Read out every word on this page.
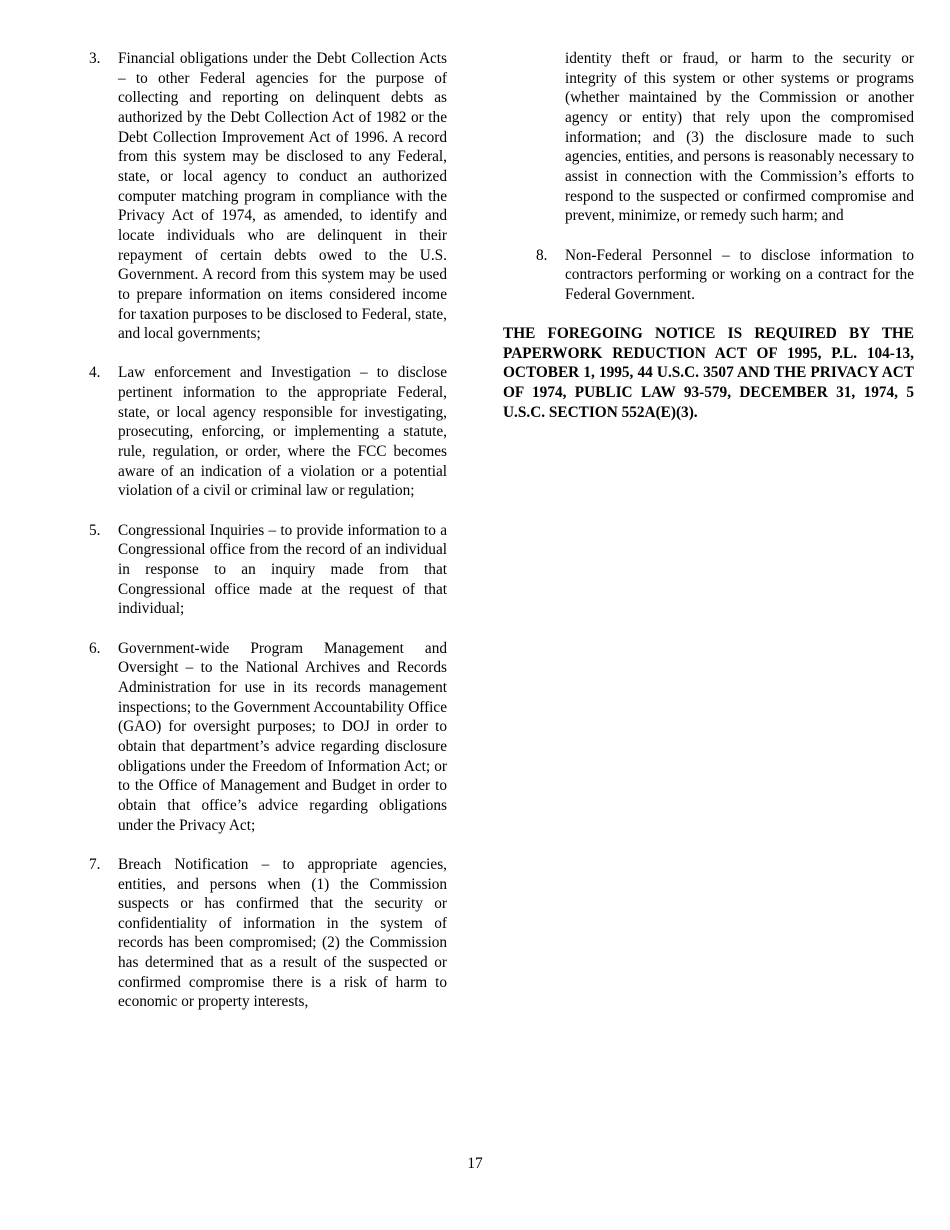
3. Financial obligations under the Debt Collection Acts – to other Federal agencies for the purpose of collecting and reporting on delinquent debts as authorized by the Debt Collection Act of 1982 or the Debt Collection Improvement Act of 1996. A record from this system may be disclosed to any Federal, state, or local agency to conduct an authorized computer matching program in compliance with the Privacy Act of 1974, as amended, to identify and locate individuals who are delinquent in their repayment of certain debts owed to the U.S. Government. A record from this system may be used to prepare information on items considered income for taxation purposes to be disclosed to Federal, state, and local governments;
4. Law enforcement and Investigation – to disclose pertinent information to the appropriate Federal, state, or local agency responsible for investigating, prosecuting, enforcing, or implementing a statute, rule, regulation, or order, where the FCC becomes aware of an indication of a violation or a potential violation of a civil or criminal law or regulation;
5. Congressional Inquiries – to provide information to a Congressional office from the record of an individual in response to an inquiry made from that Congressional office made at the request of that individual;
6. Government-wide Program Management and Oversight – to the National Archives and Records Administration for use in its records management inspections; to the Government Accountability Office (GAO) for oversight purposes; to DOJ in order to obtain that department’s advice regarding disclosure obligations under the Freedom of Information Act; or to the Office of Management and Budget in order to obtain that office’s advice regarding obligations under the Privacy Act;
7. Breach Notification – to appropriate agencies, entities, and persons when (1) the Commission suspects or has confirmed that the security or confidentiality of information in the system of records has been compromised; (2) the Commission has determined that as a result of the suspected or confirmed compromise there is a risk of harm to economic or property interests,
identity theft or fraud, or harm to the security or integrity of this system or other systems or programs (whether maintained by the Commission or another agency or entity) that rely upon the compromised information; and (3) the disclosure made to such agencies, entities, and persons is reasonably necessary to assist in connection with the Commission’s efforts to respond to the suspected or confirmed compromise and prevent, minimize, or remedy such harm; and
8. Non-Federal Personnel – to disclose information to contractors performing or working on a contract for the Federal Government.

THE FOREGOING NOTICE IS REQUIRED BY THE PAPERWORK REDUCTION ACT OF 1995, P.L. 104-13, OCTOBER 1, 1995, 44 U.S.C. 3507 AND THE PRIVACY ACT OF 1974, PUBLIC LAW 93-579, DECEMBER 31, 1974, 5 U.S.C. SECTION 552A(E)(3).

17
